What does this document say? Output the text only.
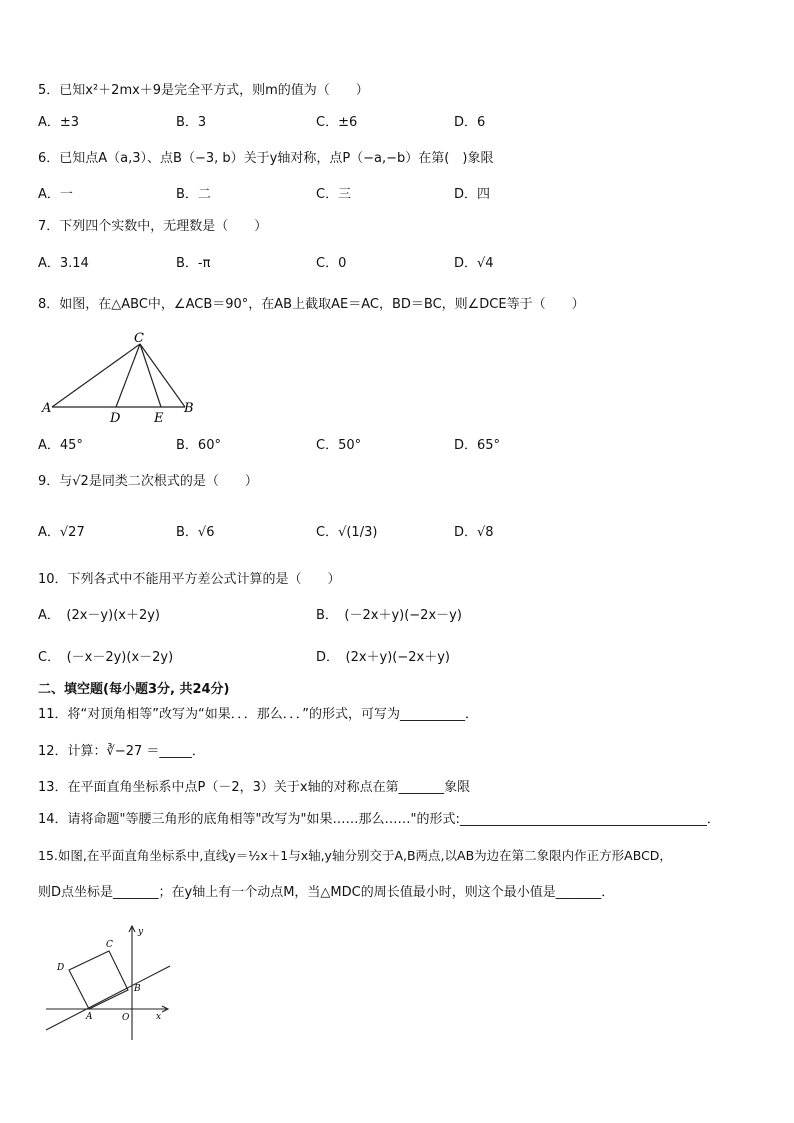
5．已知x²＋2mx＋9是完全平方式，则m的值为（　　）
A．±3	B．3	C．±6	D．6
6．已知点A（a,3）、点B（−3, b）关于y轴对称，点P（−a,−b）在第(　)象限
A．一	B．二	C．三	D．四
7．下列四个实数中，无理数是（　　）
A．3.14	B．-π	C．0	D．√4
8．如图，在△ABC中，∠ACB＝90°，在AB上截取AE＝AC，BD＝BC，则∠DCE等于（　　）
C
A
D	E
B
A．45°	B．60°	C．50°	D．65°
9．与√2是同类二次根式的是（　　）
A．√27	B．√6	C．√(1/3)	D．√8
10．下列各式中不能用平方差公式计算的是（　　）
A．　(2x－y)(x＋2y)	B．　(－2x＋y)(−2x－y)
C．　(－x－2y)(x－2y)	D．　(2x＋y)(−2x＋y)
二、填空题(每小题3分, 共24分)
11．将“对顶角相等”改写为“如果．．．那么．．．”的形式，可写为__________．
12．计算：∛−27 ＝_____．
13．在平面直角坐标系中点P（－2，3）关于x轴的对称点在第_______象限
14．请将命题"等腰三角形的底角相等"改写为"如果……那么……"的形式:______________________________________．
15.如图,在平面直角坐标系中,直线y＝½x＋1与x轴,y轴分别交于A,B两点,以AB为边在第二象限内作正方形ABCD，
则D点坐标是_______；在y轴上有一个动点M，当△MDC的周长值最小时，则这个最小值是_______．
y
C
D
B
A	O	x
